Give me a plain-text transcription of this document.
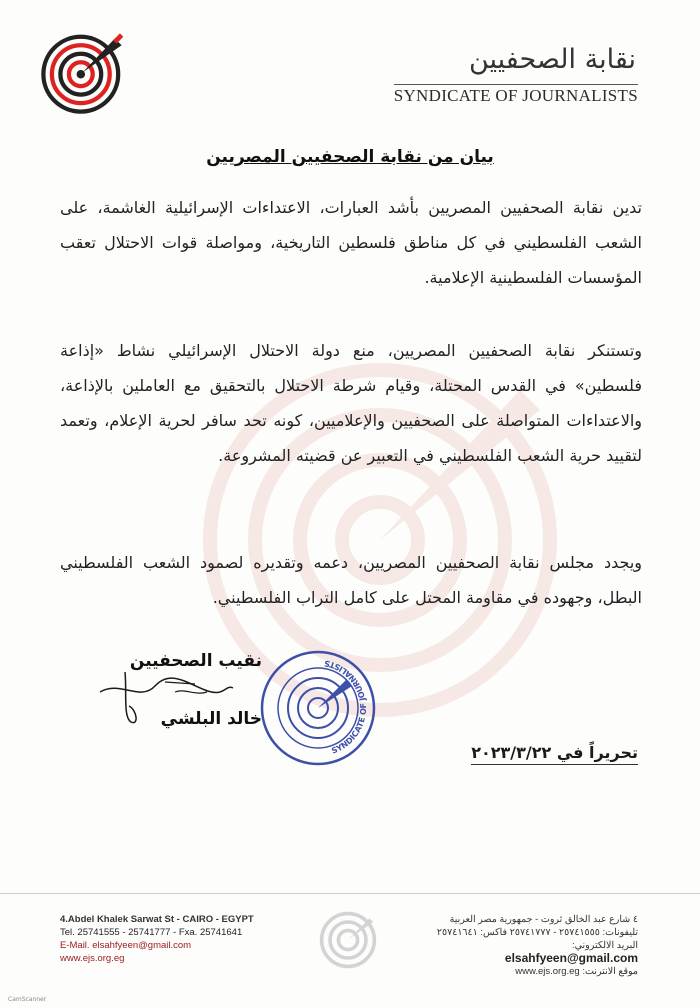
نقابة الصحفيين
SYNDICATE OF JOURNALISTS
بيان من نقابة الصحفيين المصريين
تدين نقابة الصحفيين المصريين بأشد العبارات، الاعتداءات الإسرائيلية الغاشمة، على الشعب الفلسطيني في كل مناطق فلسطين التاريخية، ومواصلة قوات الاحتلال تعقب المؤسسات الفلسطينية الإعلامية.
وتستنكر نقابة الصحفيين المصريين، منع دولة الاحتلال الإسرائيلي نشاط «إذاعة فلسطين» في القدس المحتلة، وقيام شرطة الاحتلال بالتحقيق مع العاملين بالإذاعة، والاعتداءات المتواصلة على الصحفيين والإعلاميين، كونه تحد سافر لحرية الإعلام، وتعمد لتقييد حرية الشعب الفلسطيني في التعبير عن قضيته المشروعة.
ويجدد مجلس نقابة الصحفيين المصريين، دعمه وتقديره لصمود الشعب الفلسطيني البطل، وجهوده في مقاومة المحتل على كامل التراب الفلسطيني.
نقيب الصحفيين
خالد البلشي
SYNDICATE OF JOURNALISTS
تحريراً في ٢٠٢٣/٣/٢٢
4.Abdel Khalek Sarwat St - CAIRO - EGYPT
Tel. 25741555 - 25741777 - Fxa. 25741641
E-Mail. elsahfyeen@gmail.com
www.ejs.org.eg
٤ شارع عبد الخالق ثروت - جمهورية مصر العربية
تليفونات: ٢٥٧٤١٥٥٥ - ٢٥٧٤١٧٧٧ فاكس: ٢٥٧٤١٦٤١
البريد الالكتروني:
elsahfyeen@gmail.com
موقع الانترنت: www.ejs.org.eg
CamScanner
